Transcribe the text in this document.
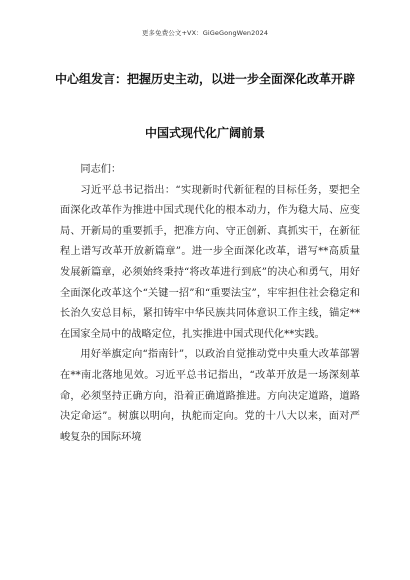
更多免费公文+VX：GiGeGongWen2024
中心组发言：把握历史主动，以进一步全面深化改革开辟
中国式现代化广阔前景

同志们：

习近平总书记指出：“实现新时代新征程的目标任务，要把全面深化改革作为推进中国式现代化的根本动力，作为稳大局、应变局、开新局的重要抓手，把准方向、守正创新、真抓实干，在新征程上谱写改革开放新篇章”。进一步全面深化改革，谱写**高质量发展新篇章，必须始终秉持“将改革进行到底”的决心和勇气，用好全面深化改革这个“关键一招”和“重要法宝”，牢牢担住社会稳定和长治久安总目标，紧扣铸牢中华民族共同体意识工作主线，锚定**在国家全局中的战略定位，扎实推进中国式现代化**实践。

用好举旗定向“指南针”，以政治自觉推动党中央重大改革部署在**南北落地见效。习近平总书记指出，“改革开放是一场深刻革命，必须坚持正确方向，沿着正确道路推进。方向决定道路，道路决定命运”。树旗以明向，执舵而定向。党的十八大以来，面对严峻复杂的国际环境
